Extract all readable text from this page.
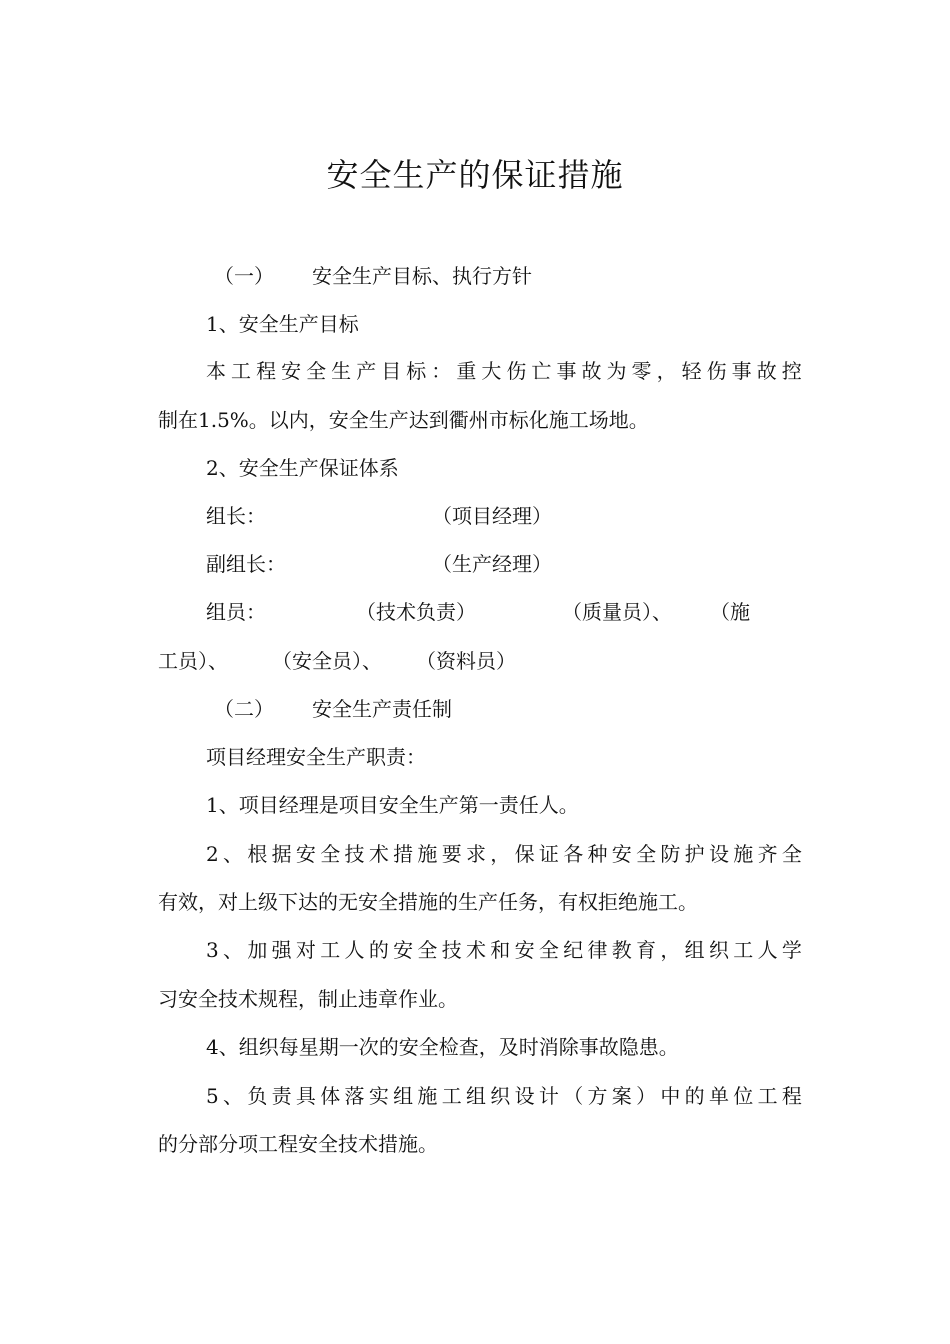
安全生产的保证措施
（一） 安全生产目标、执行方针
1、安全生产目标
本 工 程 安 全 生 产 目 标 ： 重 大 伤 亡 事 故 为 零 ， 轻 伤 事 故 控
制在1.5%。以内，安全生产达到衢州市标化施工场地。
2、安全生产保证体系
组长：	（项目经理）
副组长：	（生产经理）
组员：	（技术负责）	（质量员）、 （施
工员）、 （安全员）、 （资料员）
（二） 安全生产责任制
项目经理安全生产职责：
1、项目经理是项目安全生产第一责任人。
2 、 根 据 安 全 技 术 措 施 要 求 ， 保 证 各 种 安 全 防 护 设 施 齐 全
有效，对上级下达的无安全措施的生产任务，有权拒绝施工。
3 、 加 强 对 工 人 的 安 全 技 术 和 安 全 纪 律 教 育 ， 组 织 工 人 学
习安全技术规程，制止违章作业。
4、组织每星期一次的安全检查，及时消除事故隐患。
5 、 负 责 具 体 落 实 组 施 工 组 织 设 计 （ 方 案 ） 中 的 单 位 工 程
的分部分项工程安全技术措施。
